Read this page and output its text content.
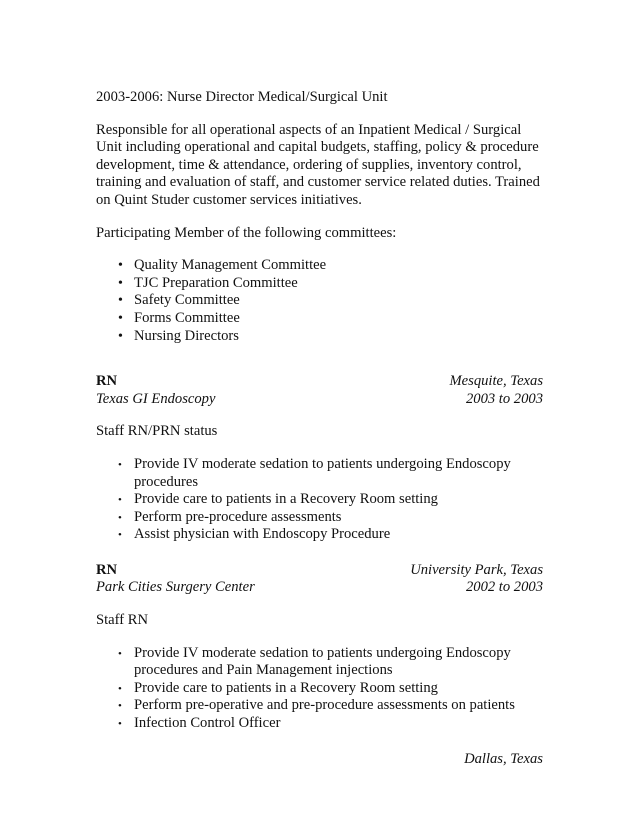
2003-2006: Nurse Director Medical/Surgical Unit

Responsible for all operational aspects of an Inpatient Medical / Surgical Unit including operational and capital budgets, staffing, policy & procedure development, time & attendance, ordering of supplies, inventory control, training and evaluation of staff, and customer service related duties. Trained on Quint Studer customer services initiatives.

Participating Member of the following committees:

• Quality Management Committee
• TJC Preparation Committee
• Safety Committee
• Forms Committee
• Nursing Directors
RN	Mesquite, Texas
Texas GI Endoscopy	2003 to 2003

Staff RN/PRN status

• Provide IV moderate sedation to patients undergoing Endoscopy procedures
• Provide care to patients in a Recovery Room setting
• Perform pre-procedure assessments
• Assist physician with Endoscopy Procedure
RN	University Park, Texas
Park Cities Surgery Center	2002 to 2003

Staff RN

• Provide IV moderate sedation to patients undergoing Endoscopy procedures and Pain Management injections
• Provide care to patients in a Recovery Room setting
• Perform pre-operative and pre-procedure assessments on patients
• Infection Control Officer
Dallas, Texas
